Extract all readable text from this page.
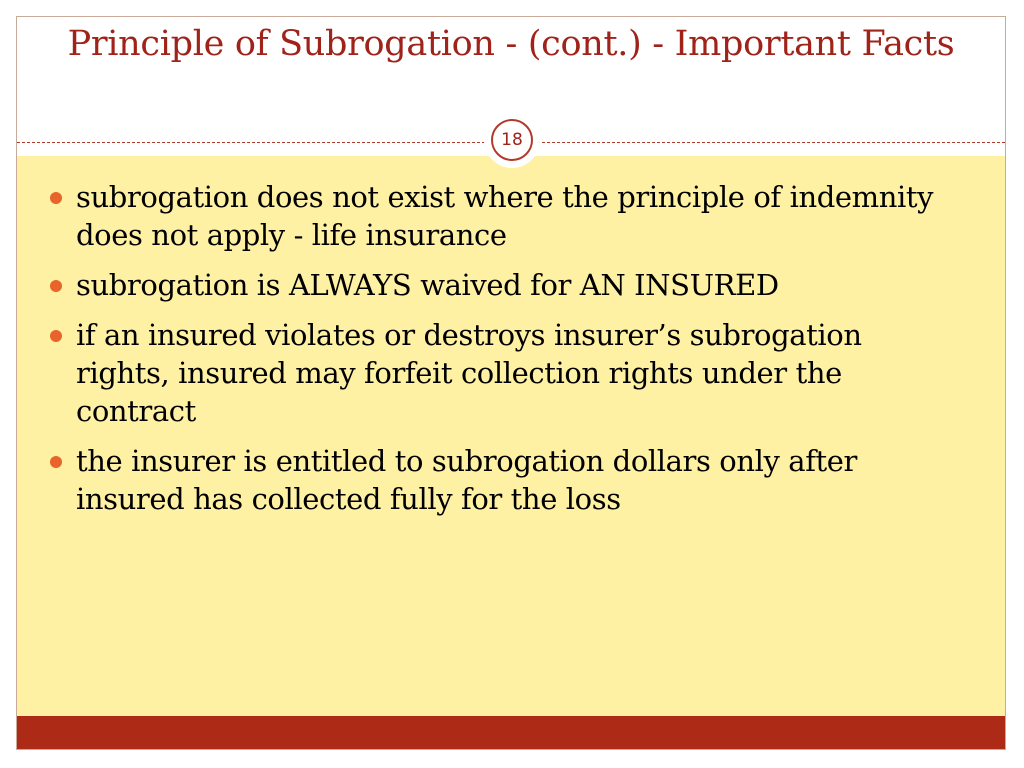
Principle of Subrogation - (cont.) - Important Facts
18
subrogation does not exist where the principle of indemnity does not apply - life insurance
subrogation is ALWAYS waived for AN INSURED
if an insured violates or destroys insurer’s subrogation rights, insured may forfeit collection rights under the contract
the insurer is entitled to subrogation dollars only after insured has collected fully for the loss
